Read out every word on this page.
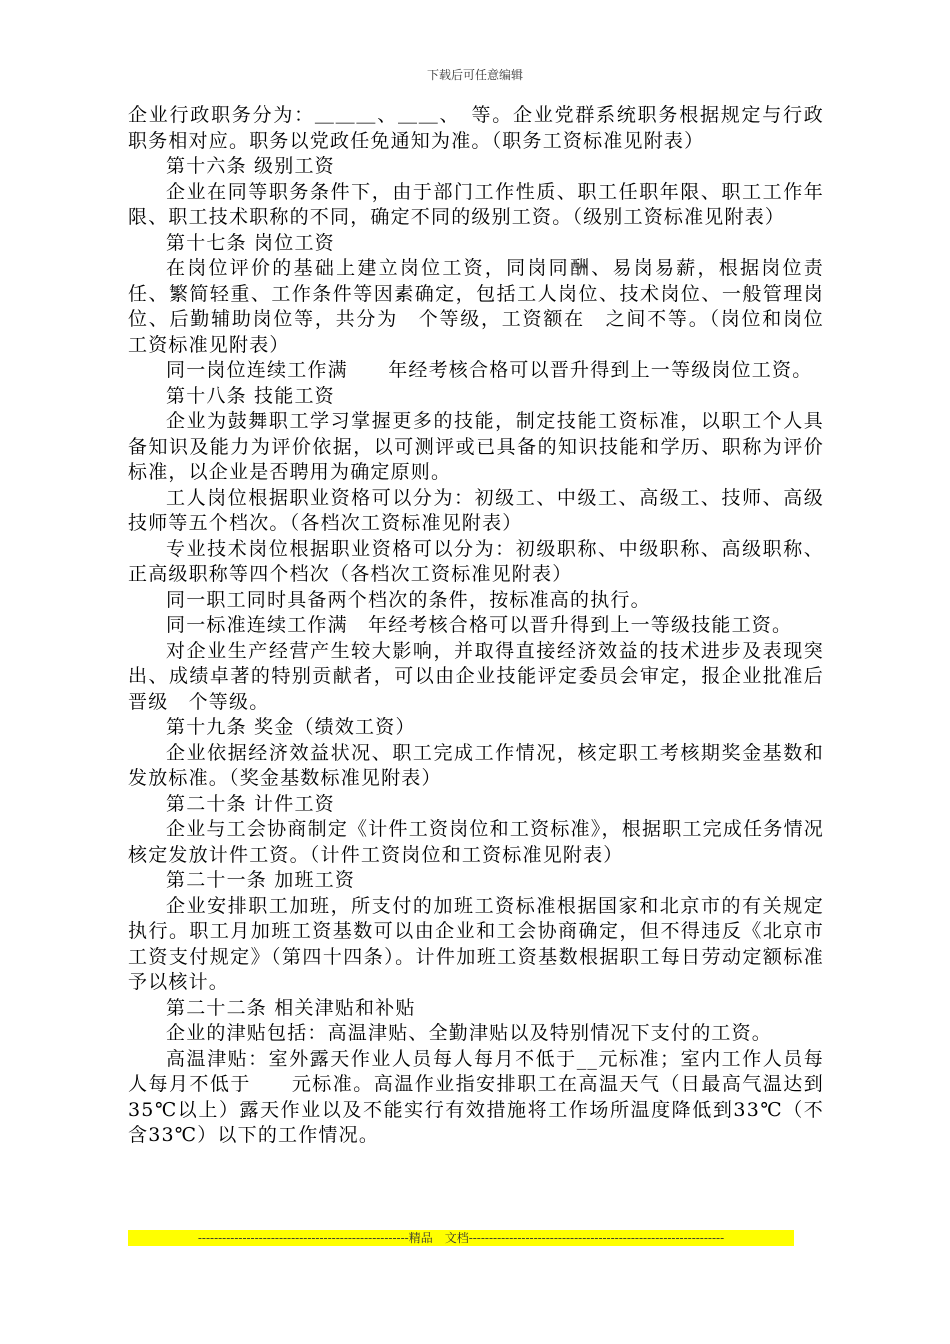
下载后可任意编辑

企业行政职务分为：＿＿＿、＿＿、　等。企业党群系统职务根据规定与行政职务相对应。职务以党政任免通知为准。（职务工资标准见附表）

第十六条 级别工资

企业在同等职务条件下，由于部门工作性质、职工任职年限、职工工作年限、职工技术职称的不同，确定不同的级别工资。（级别工资标准见附表）

第十七条 岗位工资

在岗位评价的基础上建立岗位工资，同岗同酬、易岗易薪，根据岗位责任、繁简轻重、工作条件等因素确定，包括工人岗位、技术岗位、一般管理岗位、后勤辅助岗位等，共分为　个等级，工资额在　之间不等。（岗位和岗位工资标准见附表）

同一岗位连续工作满　　年经考核合格可以晋升得到上一等级岗位工资。

第十八条 技能工资

企业为鼓舞职工学习掌握更多的技能，制定技能工资标准，以职工个人具备知识及能力为评价依据，以可测评或已具备的知识技能和学历、职称为评价标准，以企业是否聘用为确定原则。

工人岗位根据职业资格可以分为：初级工、中级工、高级工、技师、高级技师等五个档次。（各档次工资标准见附表）

专业技术岗位根据职业资格可以分为：初级职称、中级职称、高级职称、正高级职称等四个档次（各档次工资标准见附表）

同一职工同时具备两个档次的条件，按标准高的执行。

同一标准连续工作满　年经考核合格可以晋升得到上一等级技能工资。

对企业生产经营产生较大影响，并取得直接经济效益的技术进步及表现突出、成绩卓著的特别贡献者，可以由企业技能评定委员会审定，报企业批准后晋级　个等级。

第十九条 奖金（绩效工资）

企业依据经济效益状况、职工完成工作情况，核定职工考核期奖金基数和发放标准。（奖金基数标准见附表）

第二十条 计件工资

企业与工会协商制定《计件工资岗位和工资标准》，根据职工完成任务情况核定发放计件工资。（计件工资岗位和工资标准见附表）

第二十一条 加班工资

企业安排职工加班，所支付的加班工资标准根据国家和北京市的有关规定执行。职工月加班工资基数可以由企业和工会协商确定，但不得违反《北京市工资支付规定》（第四十四条）。计件加班工资基数根据职工每日劳动定额标准予以核计。

第二十二条 相关津贴和补贴

企业的津贴包括：高温津贴、全勤津贴以及特别情况下支付的工资。

高温津贴：室外露天作业人员每人每月不低于__元标准；室内工作人员每人每月不低于　　元标准。高温作业指安排职工在高温天气（日最高气温达到35℃以上）露天作业以及不能实行有效措施将工作场所温度降低到33℃（不含33℃）以下的工作情况。

----------------------------------------------------精品　文档---------------------------------------------------------------
